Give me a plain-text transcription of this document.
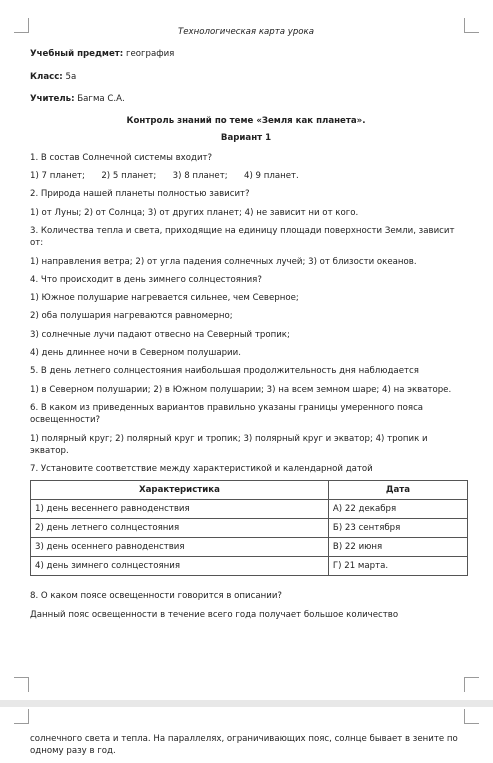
Технологическая карта урока
Учебный предмет: география
Класс: 5а
Учитель: Багма С.А.
Контроль знаний по теме «Земля как планета».
Вариант 1
1. В состав Солнечной системы входит?
1) 7 планет;      2) 5 планет;      3) 8 планет;      4) 9 планет.
2. Природа нашей планеты полностью зависит?
1) от Луны; 2) от Солнца; 3) от других планет; 4) не зависит ни от кого.
3. Количества тепла и света, приходящие на единицу площади поверхности Земли, зависит от:
1) направления ветра; 2) от угла падения солнечных лучей; 3) от близости океанов.
4. Что происходит в день зимнего солнцестояния?
1) Южное полушарие нагревается сильнее, чем Северное;
2) оба полушария нагреваются равномерно;
3) солнечные лучи падают отвесно на Северный тропик;
4) день длиннее ночи в Северном полушарии.
5. В день летнего солнцестояния наибольшая продолжительность дня наблюдается
1) в Северном полушарии; 2) в Южном полушарии; 3) на всем земном шаре; 4) на экваторе.
6. В каком из приведенных вариантов правильно указаны границы умеренного пояса освещенности?
1) полярный круг; 2) полярный круг и тропик; 3) полярный круг и экватор; 4) тропик и экватор.
7. Установите соответствие между характеристикой и календарной датой
Характеристика	Дата
1) день весеннего равноденствия	А) 22 декабря
2) день летнего солнцестояния	Б) 23 сентября
3) день осеннего равноденствия	В) 22 июня
4) день зимнего солнцестояния	Г) 21 марта.
8. О каком поясе освещенности говорится в описании?
Данный пояс освещенности в течение всего года получает большое количество
солнечного света и тепла. На параллелях, ограничивающих пояс, солнце бывает в зените по одному разу в год.
